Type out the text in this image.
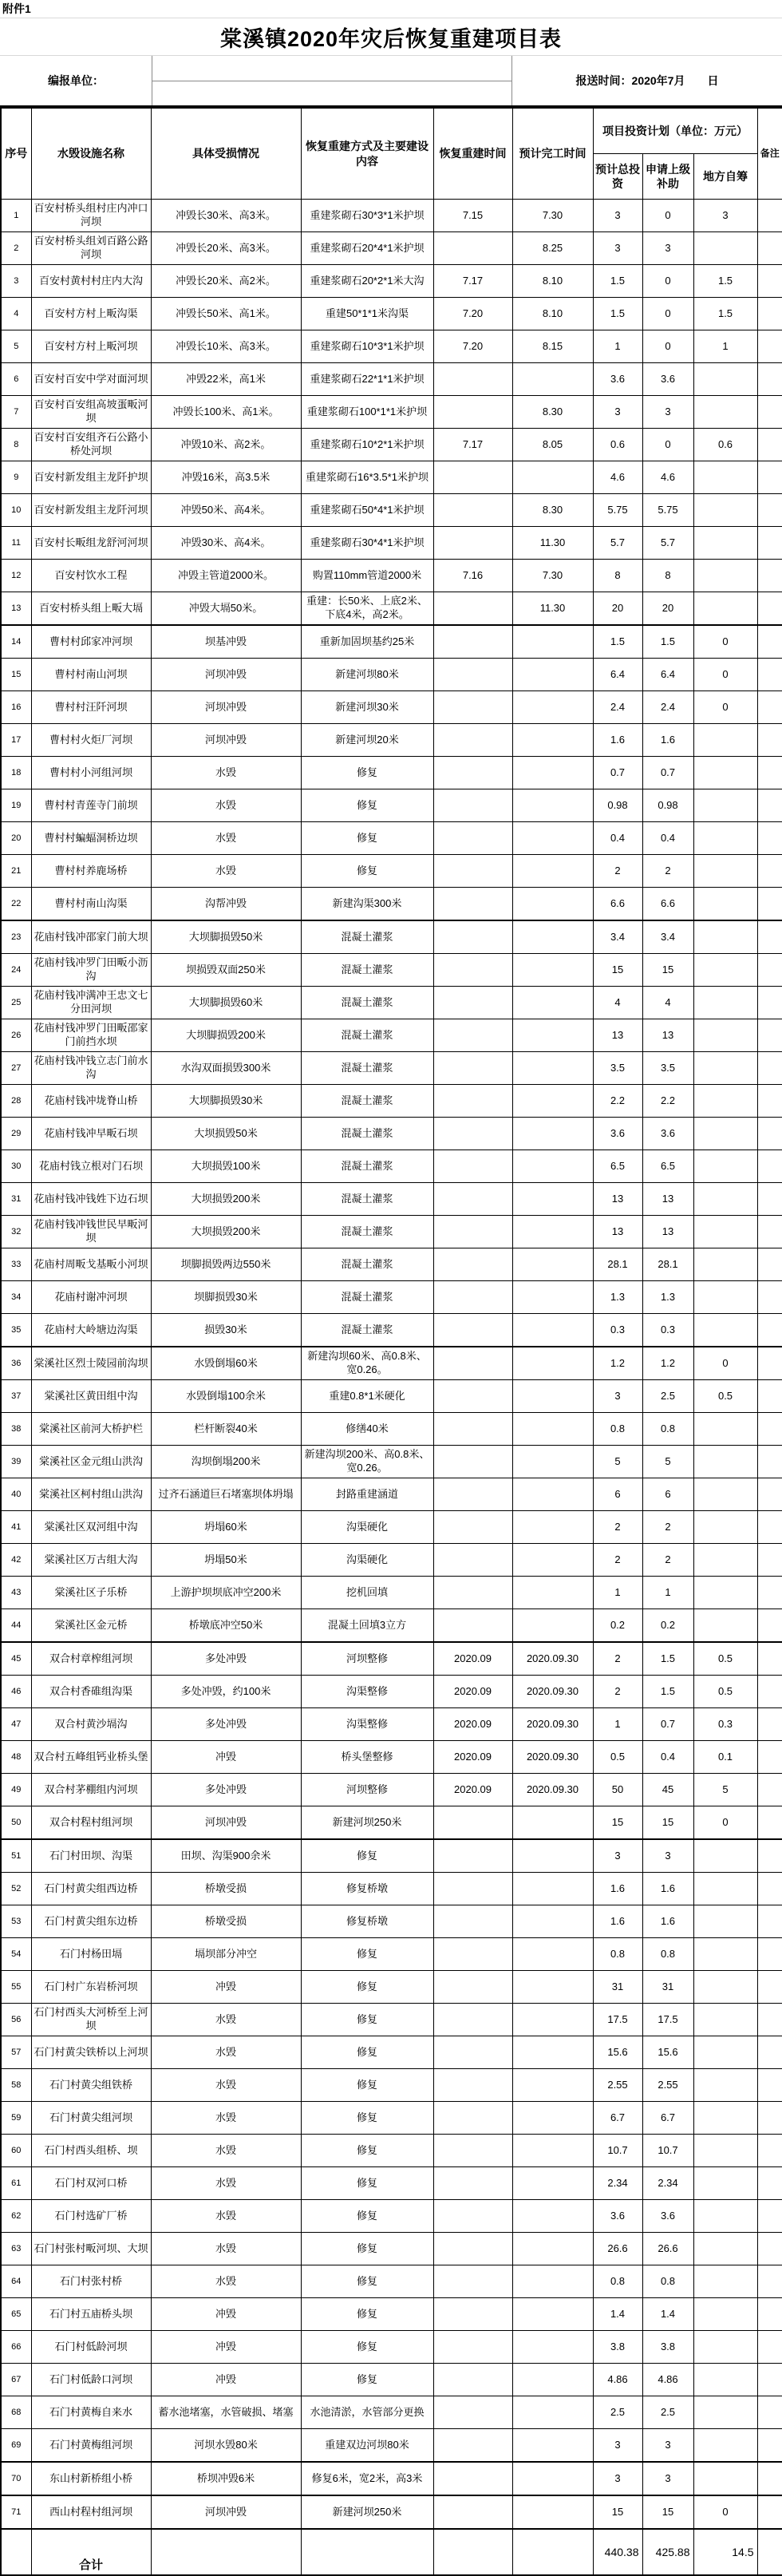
附件1
棠溪镇2020年灾后恢复重建项目表
编报单位：	报送时间：2020年7月　　日
序号	水毁设施名称	具体受损情况	恢复重建方式及主要建设内容	恢复重建时间	预计完工时间	项目投资计划（单位：万元）			备注
						预计总投资	申请上级补助	地方自筹	
1	百安村桥头组村庄内冲口河坝	冲毁长30米、高3米。	重建浆砌石30*3*1米护坝	7.15	7.30	3	0	3	
2	百安村桥头组刘百路公路河坝	冲毁长20米、高3米。	重建浆砌石20*4*1米护坝		8.25	3	3		
3	百安村黄村村庄内大沟	冲毁长20米、高2米。	重建浆砌石20*2*1米大沟	7.17	8.10	1.5	0	1.5	
4	百安村方村上畈沟渠	冲毁长50米、高1米。	重建50*1*1米沟渠	7.20	8.10	1.5	0	1.5	
5	百安村方村上畈河坝	冲毁长10米、高3米。	重建浆砌石10*3*1米护坝	7.20	8.15	1	0	1	
6	百安村百安中学对面河坝	冲毁22米，高1米	重建浆砌石22*1*1米护坝			3.6	3.6		
7	百安村百安组高坡蛋畈河坝	冲毁长100米、高1米。	重建浆砌石100*1*1米护坝		8.30	3	3		
8	百安村百安组齐石公路小桥处河坝	冲毁10米、高2米。	重建浆砌石10*2*1米护坝	7.17	8.05	0.6	0	0.6	
9	百安村新发组主龙阡护坝	冲毁16米，高3.5米	重建浆砌石16*3.5*1米护坝			4.6	4.6		
10	百安村新发组主龙阡河坝	冲毁50米、高4米。	重建浆砌石50*4*1米护坝		8.30	5.75	5.75		
11	百安村长畈组龙舒河河坝	冲毁30米、高4米。	重建浆砌石30*4*1米护坝		11.30	5.7	5.7		
12	百安村饮水工程	冲毁主管道2000米。	购置110mm管道2000米	7.16	7.30	8	8		
13	百安村桥头组上畈大塥	冲毁大塥50米。	重建：长50米、上底2米、下底4米，高2米。		11.30	20	20		
14	曹村村邱家冲河坝	坝基冲毁	重新加固坝基约25米			1.5	1.5	0	
15	曹村村南山河坝	河坝冲毁	新建河坝80米			6.4	6.4	0	
16	曹村村汪阡河坝	河坝冲毁	新建河坝30米			2.4	2.4	0	
17	曹村村火炬厂河坝	河坝冲毁	新建河坝20米			1.6	1.6		
18	曹村村小河组河坝	水毁	修复			0.7	0.7		
19	曹村村青莲寺门前坝	水毁	修复			0.98	0.98		
20	曹村村蝙蝠洞桥边坝	水毁	修复			0.4	0.4		
21	曹村村养鹿场桥	水毁	修复			2	2		
22	曹村村南山沟渠	沟帮冲毁	新建沟渠300米			6.6	6.6		
23	花庙村钱冲邵家门前大坝	大坝脚损毁50米	混凝土灌浆			3.4	3.4		
24	花庙村钱冲罗门田畈小沥沟	坝损毁双面250米	混凝土灌浆			15	15		
25	花庙村钱冲满冲王忠文七分田河坝	大坝脚损毁60米	混凝土灌浆			4	4		
26	花庙村钱冲罗门田畈邵家门前挡水坝	大坝脚损毁200米	混凝土灌浆			13	13		
27	花庙村钱冲钱立志门前水沟	水沟双面损毁300米	混凝土灌浆			3.5	3.5		
28	花庙村钱冲垅脊山桥	大坝脚损毁30米	混凝土灌浆			2.2	2.2		
29	花庙村钱冲早畈石坝	大坝损毁50米	混凝土灌浆			3.6	3.6		
30	花庙村钱立根对门石坝	大坝损毁100米	混凝土灌浆			6.5	6.5		
31	花庙村钱冲钱姓下边石坝	大坝损毁200米	混凝土灌浆			13	13		
32	花庙村钱冲钱世民早畈河坝	大坝损毁200米	混凝土灌浆			13	13		
33	花庙村周畈戈基畈小河坝	坝脚损毁两边550米	混凝土灌浆			28.1	28.1		
34	花庙村谢冲河坝	坝脚损毁30米	混凝土灌浆			1.3	1.3		
35	花庙村大岭塘边沟渠	损毁30米	混凝土灌浆			0.3	0.3		
36	棠溪社区烈士陵园前沟坝	水毁倒塌60米	新建沟坝60米、高0.8米、宽0.26。			1.2	1.2	0	
37	棠溪社区黄田组中沟	水毁倒塌100余米	重建0.8*1米硬化			3	2.5	0.5	
38	棠溪社区前河大桥护栏	栏杆断裂40米	修缮40米			0.8	0.8		
39	棠溪社区金元组山洪沟	沟坝倒塌200米	新建沟坝200米、高0.8米、宽0.26。			5	5		
40	棠溪社区柯村组山洪沟	过齐石涵道巨石堵塞坝体坍塌	封路重建涵道			6	6		
41	棠溪社区双河组中沟	坍塌60米	沟渠硬化			2	2		
42	棠溪社区万古组大沟	坍塌50米	沟渠硬化			2	2		
43	棠溪社区子乐桥	上游护坝坝底冲空200米	挖机回填			1	1		
44	棠溪社区金元桥	桥墩底冲空50米	混凝土回填3立方			0.2	0.2		
45	双合村章榨组河坝	多处冲毁	河坝整修	2020.09	2020.09.30	2	1.5	0.5	
46	双合村香碓组沟渠	多处冲毁，约100米	沟渠整修	2020.09	2020.09.30	2	1.5	0.5	
47	双合村黄沙塥沟	多处冲毁	沟渠整修	2020.09	2020.09.30	1	0.7	0.3	
48	双合村五峰组钙业桥头堡	冲毁	桥头堡整修	2020.09	2020.09.30	0.5	0.4	0.1	
49	双合村茅棚组内河坝	多处冲毁	河坝整修	2020.09	2020.09.30	50	45	5	
50	双合村程村组河坝	河坝冲毁	新建河坝250米			15	15	0	
51	石门村田坝、沟渠	田坝、沟渠900余米	修复			3	3		
52	石门村黄尖组西边桥	桥墩受损	修复桥墩			1.6	1.6		
53	石门村黄尖组东边桥	桥墩受损	修复桥墩			1.6	1.6		
54	石门村杨田塥	塥坝部分冲空	修复			0.8	0.8		
55	石门村广东岩桥河坝	冲毁	修复			31	31		
56	石门村西头大河桥至上河坝	水毁	修复			17.5	17.5		
57	石门村黄尖铁桥以上河坝	水毁	修复			15.6	15.6		
58	石门村黄尖组铁桥	水毁	修复			2.55	2.55		
59	石门村黄尖组河坝	水毁	修复			6.7	6.7		
60	石门村西头组桥、坝	水毁	修复			10.7	10.7		
61	石门村双河口桥	水毁	修复			2.34	2.34		
62	石门村选矿厂桥	水毁	修复			3.6	3.6		
63	石门村张村畈河坝、大坝	水毁	修复			26.6	26.6		
64	石门村张村桥	水毁	修复			0.8	0.8		
65	石门村五庙桥头坝	冲毁	修复			1.4	1.4		
66	石门村低龄河坝	冲毁	修复			3.8	3.8		
67	石门村低龄口河坝	冲毁	修复			4.86	4.86		
68	石门村黄梅自来水	蓄水池堵塞，水管破损、堵塞	水池清淤，水管部分更换			2.5	2.5		
69	石门村黄梅组河坝	河坝水毁80米	重建双边河坝80米			3	3		
70	东山村新桥组小桥	桥坝冲毁6米	修复6米，宽2米，高3米			3	3		
71	西山村程村组河坝	河坝冲毁	新建河坝250米			15	15	0	
	合计					440.38	425.88	14.5	
